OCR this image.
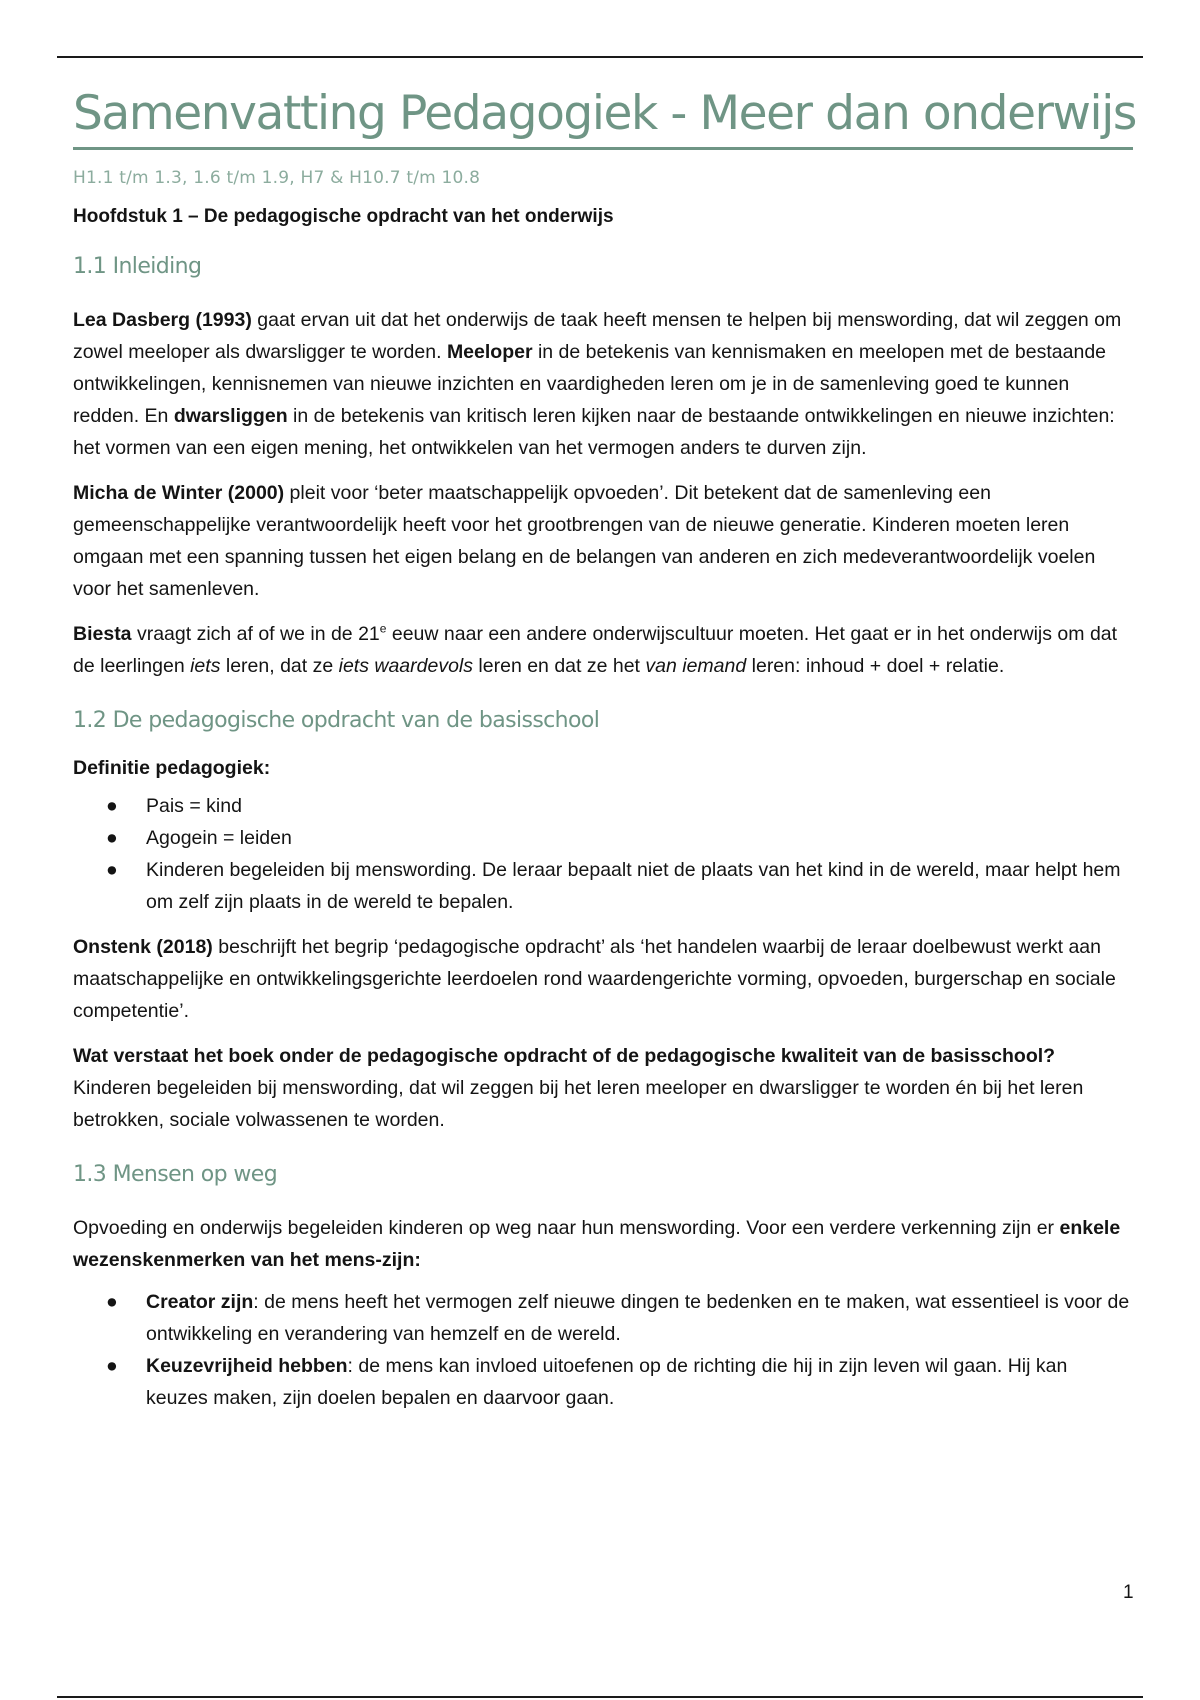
Samenvatting Pedagogiek - Meer dan onderwijs
H1.1 t/m 1.3, 1.6 t/m 1.9, H7 & H10.7 t/m 10.8
Hoofdstuk 1 – De pedagogische opdracht van het onderwijs
1.1 Inleiding

Lea Dasberg (1993) gaat ervan uit dat het onderwijs de taak heeft mensen te helpen bij menswording, dat wil zeggen om zowel meeloper als dwarsligger te worden. Meeloper in de betekenis van kennismaken en meelopen met de bestaande ontwikkelingen, kennisnemen van nieuwe inzichten en vaardigheden leren om je in de samenleving goed te kunnen redden. En dwarsliggen in de betekenis van kritisch leren kijken naar de bestaande ontwikkelingen en nieuwe inzichten: het vormen van een eigen mening, het ontwikkelen van het vermogen anders te durven zijn.

Micha de Winter (2000) pleit voor ‘beter maatschappelijk opvoeden’. Dit betekent dat de samenleving een gemeenschappelijke verantwoordelijk heeft voor het grootbrengen van de nieuwe generatie. Kinderen moeten leren omgaan met een spanning tussen het eigen belang en de belangen van anderen en zich medeverantwoordelijk voelen voor het samenleven.

Biesta vraagt zich af of we in de 21e eeuw naar een andere onderwijscultuur moeten. Het gaat er in het onderwijs om dat de leerlingen iets leren, dat ze iets waardevols leren en dat ze het van iemand leren: inhoud + doel + relatie.

1.2 De pedagogische opdracht van de basisschool
Definitie pedagogiek:
● Pais = kind
● Agogein = leiden
● Kinderen begeleiden bij menswording. De leraar bepaalt niet de plaats van het kind in de wereld, maar helpt hem om zelf zijn plaats in de wereld te bepalen.

Onstenk (2018) beschrijft het begrip ‘pedagogische opdracht’ als ‘het handelen waarbij de leraar doelbewust werkt aan maatschappelijke en ontwikkelingsgerichte leerdoelen rond waardengerichte vorming, opvoeden, burgerschap en sociale competentie’.

Wat verstaat het boek onder de pedagogische opdracht of de pedagogische kwaliteit van de basisschool?
Kinderen begeleiden bij menswording, dat wil zeggen bij het leren meeloper en dwarsligger te worden én bij het leren betrokken, sociale volwassenen te worden.

1.3 Mensen op weg

Opvoeding en onderwijs begeleiden kinderen op weg naar hun menswording. Voor een verdere verkenning zijn er enkele wezenskenmerken van het mens-zijn:

● Creator zijn: de mens heeft het vermogen zelf nieuwe dingen te bedenken en te maken, wat essentieel is voor de ontwikkeling en verandering van hemzelf en de wereld.
● Keuzevrijheid hebben: de mens kan invloed uitoefenen op de richting die hij in zijn leven wil gaan. Hij kan keuzes maken, zijn doelen bepalen en daarvoor gaan.
1
